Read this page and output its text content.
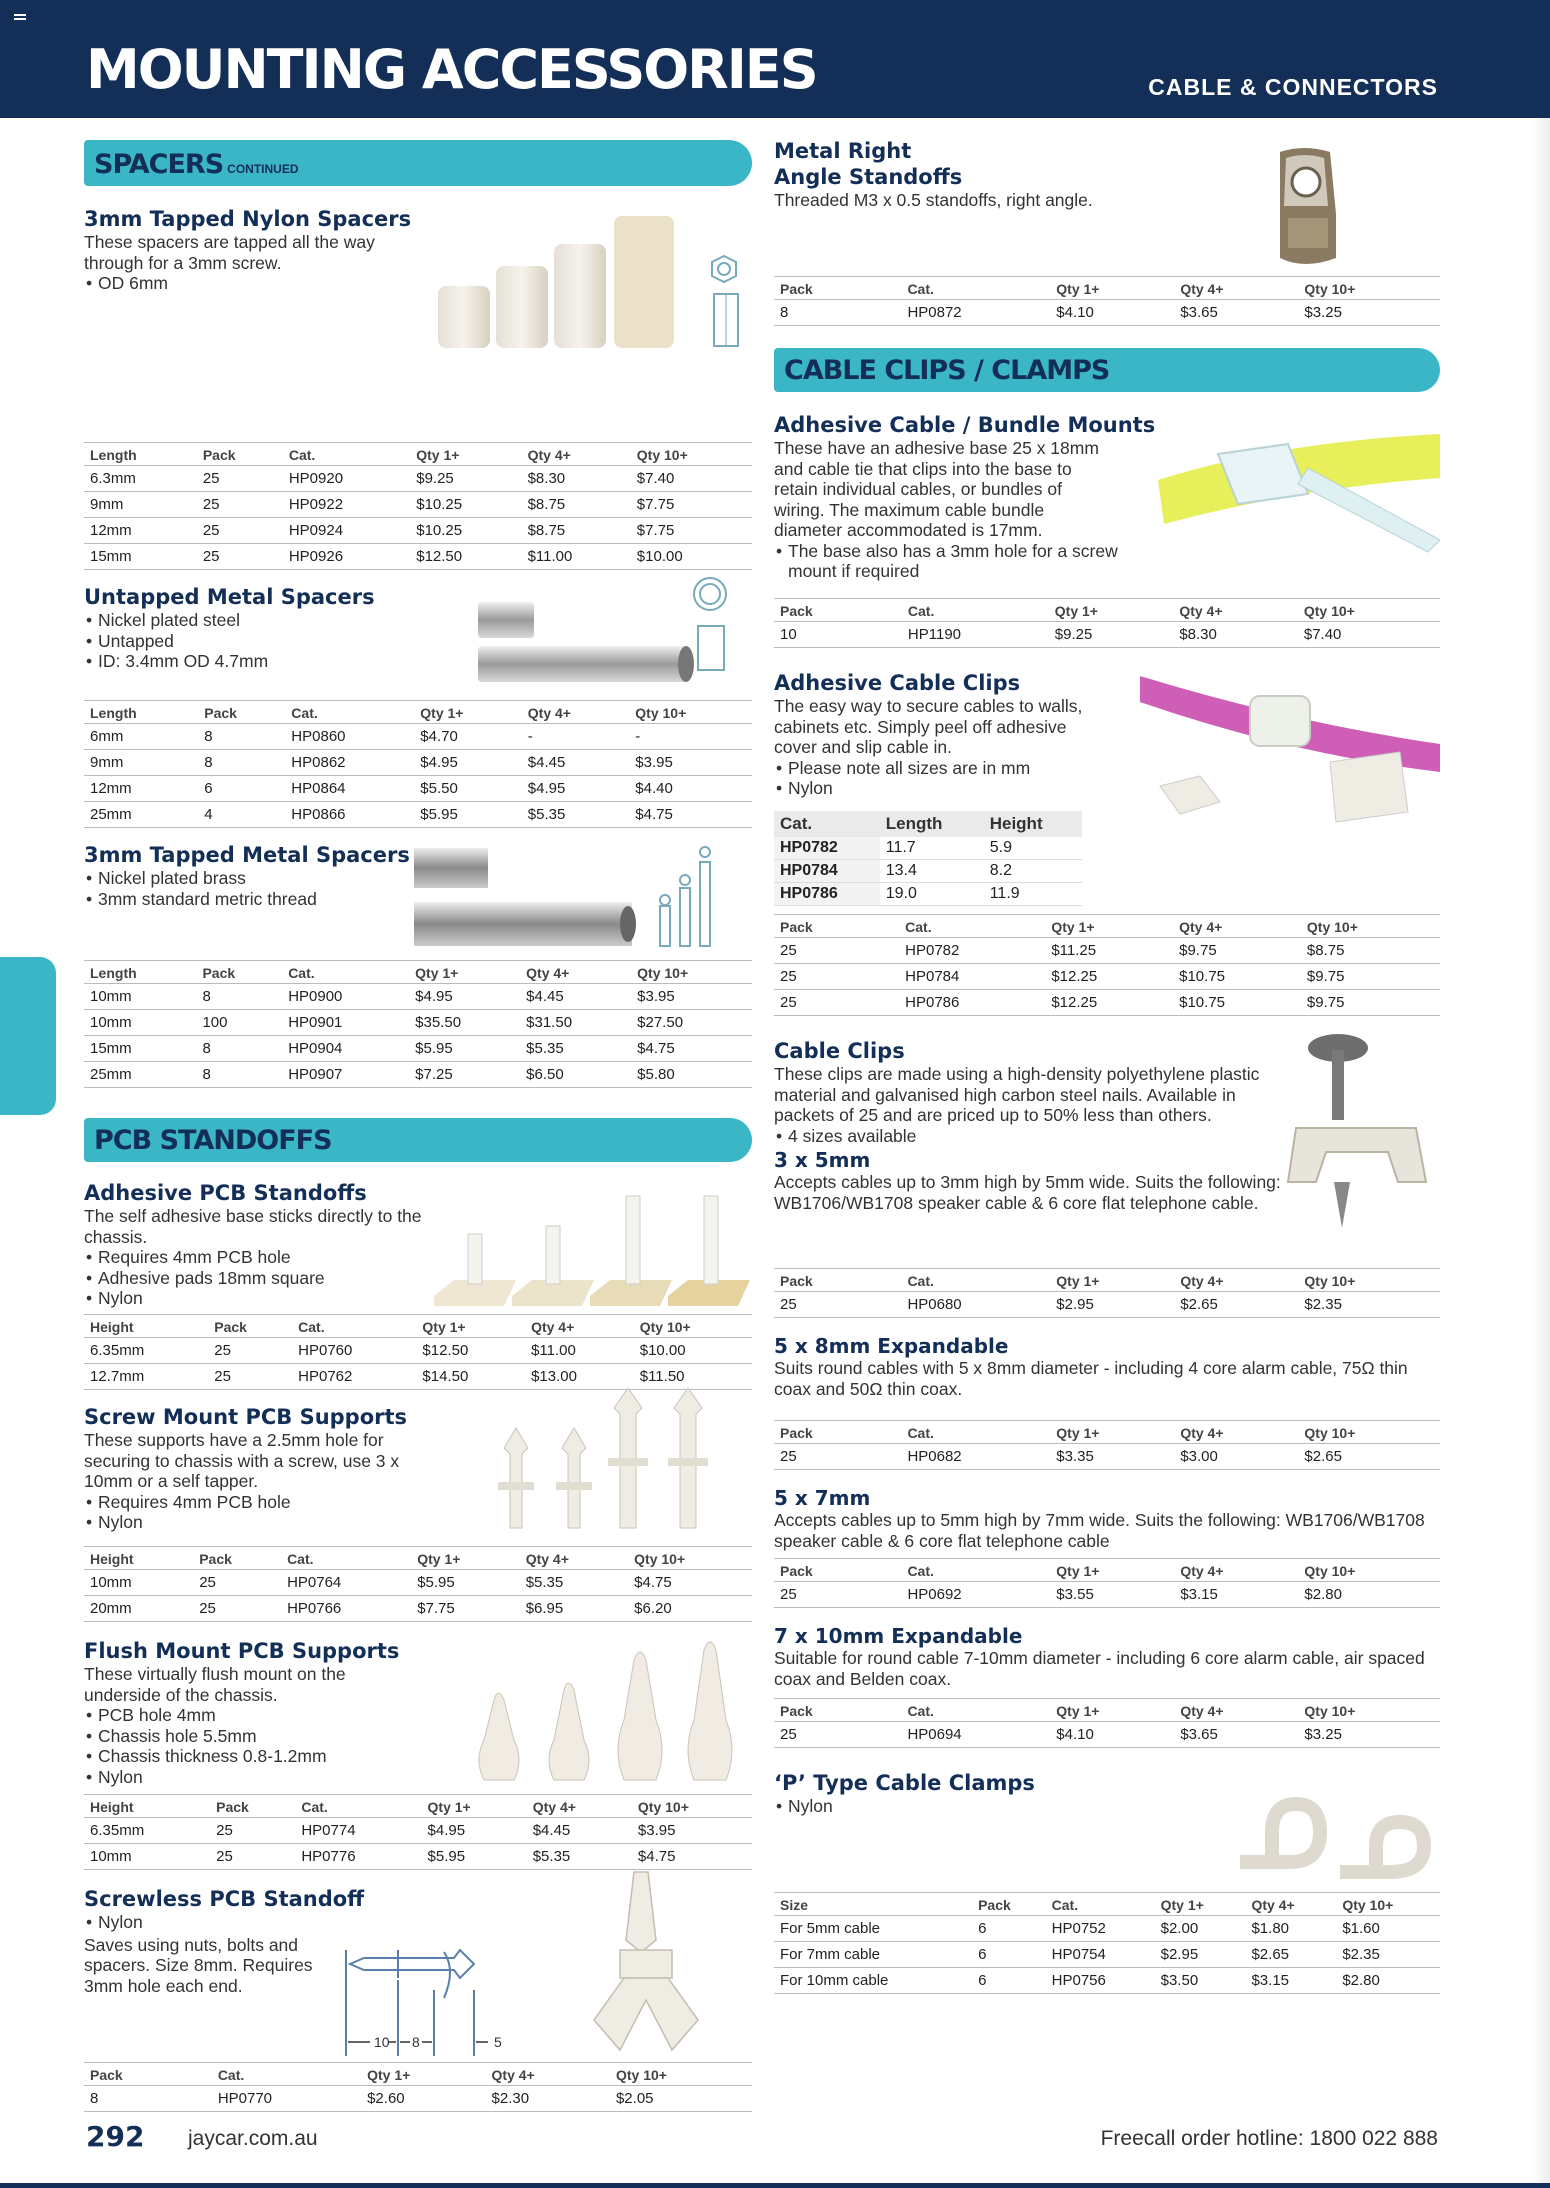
MOUNTING ACCESSORIES	CABLE & CONNECTORS
SPACERS CONTINUED
3mm Tapped Nylon Spacers
These spacers are tapped all the way through for a 3mm screw.
• OD 6mm
Length	Pack	Cat.	Qty 1+	Qty 4+	Qty 10+
6.3mm	25	HP0920	$9.25	$8.30	$7.40
9mm	25	HP0922	$10.25	$8.75	$7.75
12mm	25	HP0924	$10.25	$8.75	$7.75
15mm	25	HP0926	$12.50	$11.00	$10.00
Untapped Metal Spacers
• Nickel plated steel
• Untapped
• ID: 3.4mm OD 4.7mm
Length	Pack	Cat.	Qty 1+	Qty 4+	Qty 10+
6mm	8	HP0860	$4.70	-	-
9mm	8	HP0862	$4.95	$4.45	$3.95
12mm	6	HP0864	$5.50	$4.95	$4.40
25mm	4	HP0866	$5.95	$5.35	$4.75
3mm Tapped Metal Spacers
• Nickel plated brass
• 3mm standard metric thread
Length	Pack	Cat.	Qty 1+	Qty 4+	Qty 10+
10mm	8	HP0900	$4.95	$4.45	$3.95
10mm	100	HP0901	$35.50	$31.50	$27.50
15mm	8	HP0904	$5.95	$5.35	$4.75
25mm	8	HP0907	$7.25	$6.50	$5.80
PCB STANDOFFS
Adhesive PCB Standoffs
The self adhesive base sticks directly to the chassis.
• Requires 4mm PCB hole
• Adhesive pads 18mm square
• Nylon
Height	Pack	Cat.	Qty 1+	Qty 4+	Qty 10+
6.35mm	25	HP0760	$12.50	$11.00	$10.00
12.7mm	25	HP0762	$14.50	$13.00	$11.50
Screw Mount PCB Supports
These supports have a 2.5mm hole for securing to chassis with a screw, use 3 x 10mm or a self tapper.
• Requires 4mm PCB hole
• Nylon
Height	Pack	Cat.	Qty 1+	Qty 4+	Qty 10+
10mm	25	HP0764	$5.95	$5.35	$4.75
20mm	25	HP0766	$7.75	$6.95	$6.20
Flush Mount PCB Supports
These virtually flush mount on the underside of the chassis.
• PCB hole 4mm
• Chassis hole 5.5mm
• Chassis thickness 0.8-1.2mm
• Nylon
Height	Pack	Cat.	Qty 1+	Qty 4+	Qty 10+
6.35mm	25	HP0774	$4.95	$4.45	$3.95
10mm	25	HP0776	$5.95	$5.35	$4.75
Screwless PCB Standoff
• Nylon
Saves using nuts, bolts and spacers. Size 8mm. Requires 3mm hole each end.
10 8	5
Pack		Cat.	Qty 1+	Qty 4+	Qty 10+
8		HP0770	$2.60	$2.30	$2.05
Metal Right
Angle Standoffs
Threaded M3 x 0.5 standoffs, right angle.
Pack		Cat.	Qty 1+	Qty 4+	Qty 10+
8		HP0872	$4.10	$3.65	$3.25
CABLE CLIPS / CLAMPS
Adhesive Cable / Bundle Mounts
These have an adhesive base 25 x 18mm and cable tie that clips into the base to retain individual cables, or bundles of wiring. The maximum cable bundle diameter accommodated is 17mm.
• The base also has a 3mm hole for a screw mount if required
Pack		Cat.	Qty 1+	Qty 4+	Qty 10+
10		HP1190	$9.25	$8.30	$7.40
Adhesive Cable Clips
The easy way to secure cables to walls, cabinets etc. Simply peel off adhesive cover and slip cable in.
• Please note all sizes are in mm
• Nylon
Cat.	Length	Height
HP0782	11.7	5.9
HP0784	13.4	8.2
HP0786	19.0	11.9
Pack		Cat.	Qty 1+	Qty 4+	Qty 10+
25		HP0782	$11.25	$9.75	$8.75
25		HP0784	$12.25	$10.75	$9.75
25		HP0786	$12.25	$10.75	$9.75
Cable Clips
These clips are made using a high-density polyethylene plastic material and galvanised high carbon steel nails. Available in packets of 25 and are priced up to 50% less than others.
• 4 sizes available
3 x 5mm
Accepts cables up to 3mm high by 5mm wide. Suits the following: WB1706/WB1708 speaker cable & 6 core flat telephone cable.
Pack		Cat.	Qty 1+	Qty 4+	Qty 10+
25		HP0680	$2.95	$2.65	$2.35
5 x 8mm Expandable
Suits round cables with 5 x 8mm diameter - including 4 core alarm cable, 75Ω thin coax and 50Ω thin coax.
Pack		Cat.	Qty 1+	Qty 4+	Qty 10+
25		HP0682	$3.35	$3.00	$2.65
5 x 7mm
Accepts cables up to 5mm high by 7mm wide. Suits the following: WB1706/WB1708 speaker cable & 6 core flat telephone cable
Pack		Cat.	Qty 1+	Qty 4+	Qty 10+
25		HP0692	$3.55	$3.15	$2.80
7 x 10mm Expandable
Suitable for round cable 7-10mm diameter - including 6 core alarm cable, air spaced coax and Belden coax.
Pack		Cat.	Qty 1+	Qty 4+	Qty 10+
25		HP0694	$4.10	$3.65	$3.25
‘P’ Type Cable Clamps
• Nylon
Size	Pack	Cat.	Qty 1+	Qty 4+	Qty 10+
For 5mm cable	6	HP0752	$2.00	$1.80	$1.60
For 7mm cable	6	HP0754	$2.95	$2.65	$2.35
For 10mm cable	6	HP0756	$3.50	$3.15	$2.80
292 jaycar.com.au	Freecall order hotline: 1800 022 888
